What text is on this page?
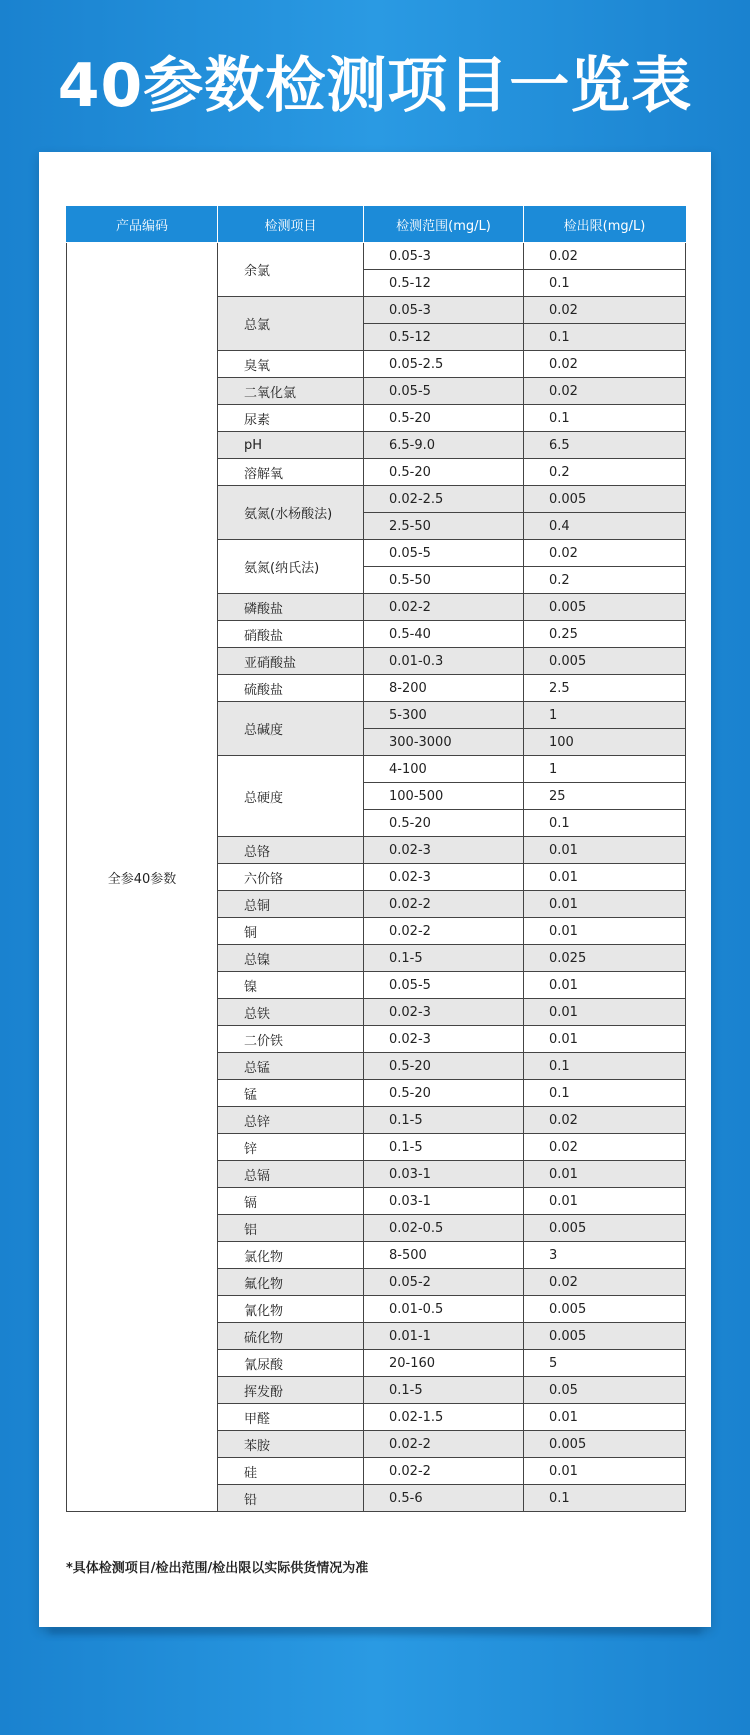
40参数检测项目一览表
产品编码	检测项目	检测范围(mg/L)	检出限(mg/L)
全参40参数	余氯	0.05-3	0.02
		0.5-12	0.1
	总氯	0.05-3	0.02
		0.5-12	0.1
	臭氧	0.05-2.5	0.02
	二氧化氯	0.05-5	0.02
	尿素	0.5-20	0.1
	pH	6.5-9.0	6.5
	溶解氧	0.5-20	0.2
	氨氮(水杨酸法)	0.02-2.5	0.005
		2.5-50	0.4
	氨氮(纳氏法)	0.05-5	0.02
		0.5-50	0.2
	磷酸盐	0.02-2	0.005
	硝酸盐	0.5-40	0.25
	亚硝酸盐	0.01-0.3	0.005
	硫酸盐	8-200	2.5
	总碱度	5-300	1
		300-3000	100
	总硬度	4-100	1
		100-500	25
		0.5-20	0.1
	总铬	0.02-3	0.01
	六价铬	0.02-3	0.01
	总铜	0.02-2	0.01
	铜	0.02-2	0.01
	总镍	0.1-5	0.025
	镍	0.05-5	0.01
	总铁	0.02-3	0.01
	二价铁	0.02-3	0.01
	总锰	0.5-20	0.1
	锰	0.5-20	0.1
	总锌	0.1-5	0.02
	锌	0.1-5	0.02
	总镉	0.03-1	0.01
	镉	0.03-1	0.01
	铝	0.02-0.5	0.005
	氯化物	8-500	3
	氟化物	0.05-2	0.02
	氰化物	0.01-0.5	0.005
	硫化物	0.01-1	0.005
	氰尿酸	20-160	5
	挥发酚	0.1-5	0.05
	甲醛	0.02-1.5	0.01
	苯胺	0.02-2	0.005
	硅	0.02-2	0.01
	铅	0.5-6	0.1
*具体检测项目/检出范围/检出限以实际供货情况为准
